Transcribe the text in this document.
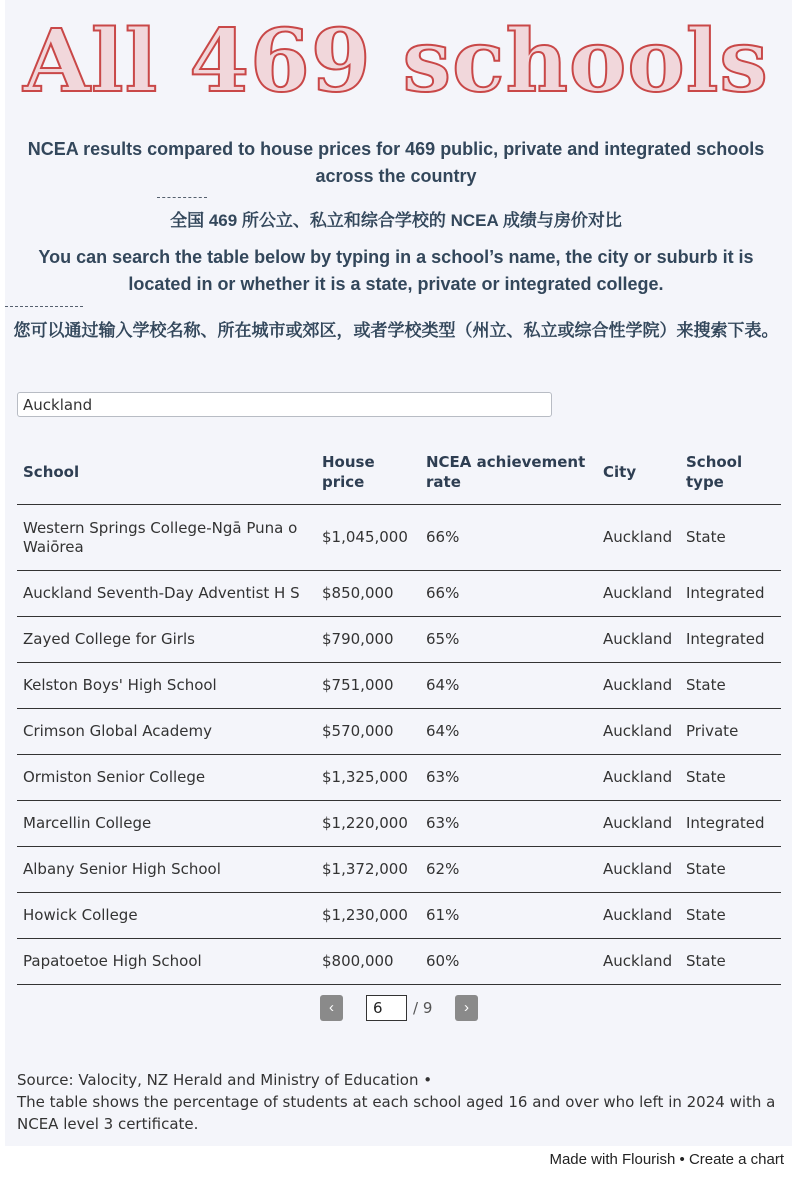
All 469 schools
NCEA results compared to house prices for 469 public, private and integrated schools across the country
全国 469 所公立、私立和综合学校的 NCEA 成绩与房价对比
You can search the table below by typing in a school’s name, the city or suburb it is located in or whether it is a state, private or integrated college.
您可以通过输入学校名称、所在城市或郊区，或者学校类型（州立、私立或综合性学院）来搜索下表。
Auckland
School	House price	NCEA achievement rate	City	School type
Western Springs College-Ngā Puna o Waiōrea	$1,045,000	66%	Auckland	State
Auckland Seventh-Day Adventist H S	$850,000	66%	Auckland	Integrated
Zayed College for Girls	$790,000	65%	Auckland	Integrated
Kelston Boys' High School	$751,000	64%	Auckland	State
Crimson Global Academy	$570,000	64%	Auckland	Private
Ormiston Senior College	$1,325,000	63%	Auckland	State
Marcellin College	$1,220,000	63%	Auckland	Integrated
Albany Senior High School	$1,372,000	62%	Auckland	State
Howick College	$1,230,000	61%	Auckland	State
Papatoetoe High School	$800,000	60%	Auckland	State
‹
6	/ 9	›
Source: Valocity, NZ Herald and Ministry of Education •
The table shows the percentage of students at each school aged 16 and over who left in 2024 with a NCEA level 3 certificate.
Made with Flourish • Create a chart
